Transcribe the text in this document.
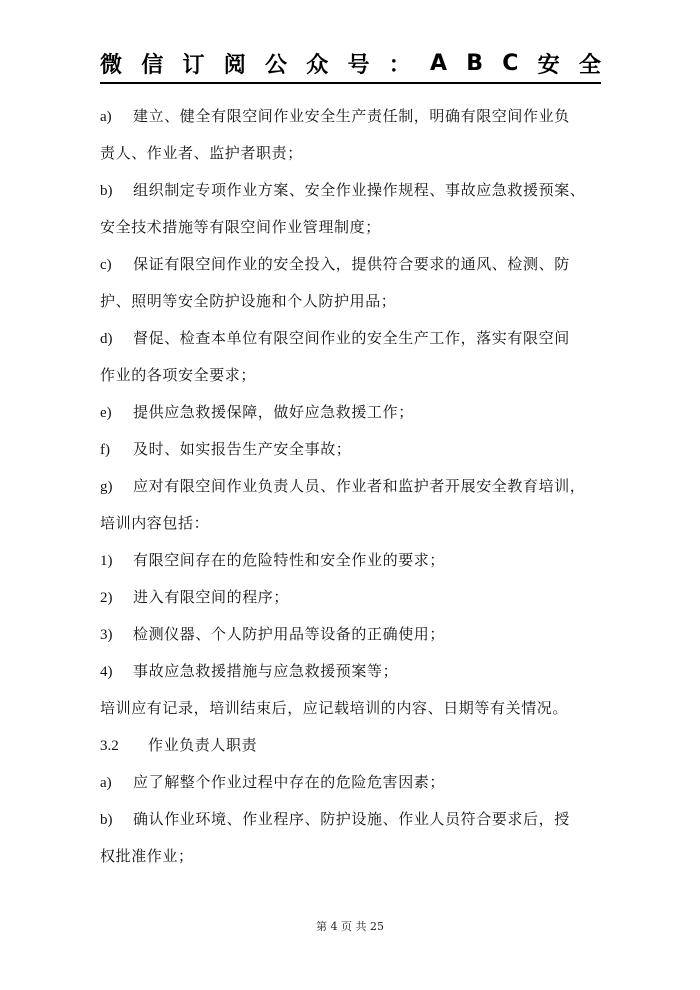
微 信 订 阅 公 众 号 ： A B C 安 全
a) 建立、健全有限空间作业安全生产责任制，明确有限空间作业负
责人、作业者、监护者职责；
b) 组织制定专项作业方案、安全作业操作规程、事故应急救援预案、
安全技术措施等有限空间作业管理制度；
c) 保证有限空间作业的安全投入，提供符合要求的通风、检测、防
护、照明等安全防护设施和个人防护用品；
d) 督促、检查本单位有限空间作业的安全生产工作，落实有限空间
作业的各项安全要求；
e) 提供应急救援保障，做好应急救援工作；
f) 及时、如实报告生产安全事故；
g) 应对有限空间作业负责人员、作业者和监护者开展安全教育培训，
培训内容包括：
1) 有限空间存在的危险特性和安全作业的要求；
2) 进入有限空间的程序；
3) 检测仪器、个人防护用品等设备的正确使用；
4) 事故应急救援措施与应急救援预案等；
培训应有记录，培训结束后，应记载培训的内容、日期等有关情况。
3.2 作业负责人职责
a) 应了解整个作业过程中存在的危险危害因素；
b) 确认作业环境、作业程序、防护设施、作业人员符合要求后，授
权批准作业；
第 4 页 共 25
